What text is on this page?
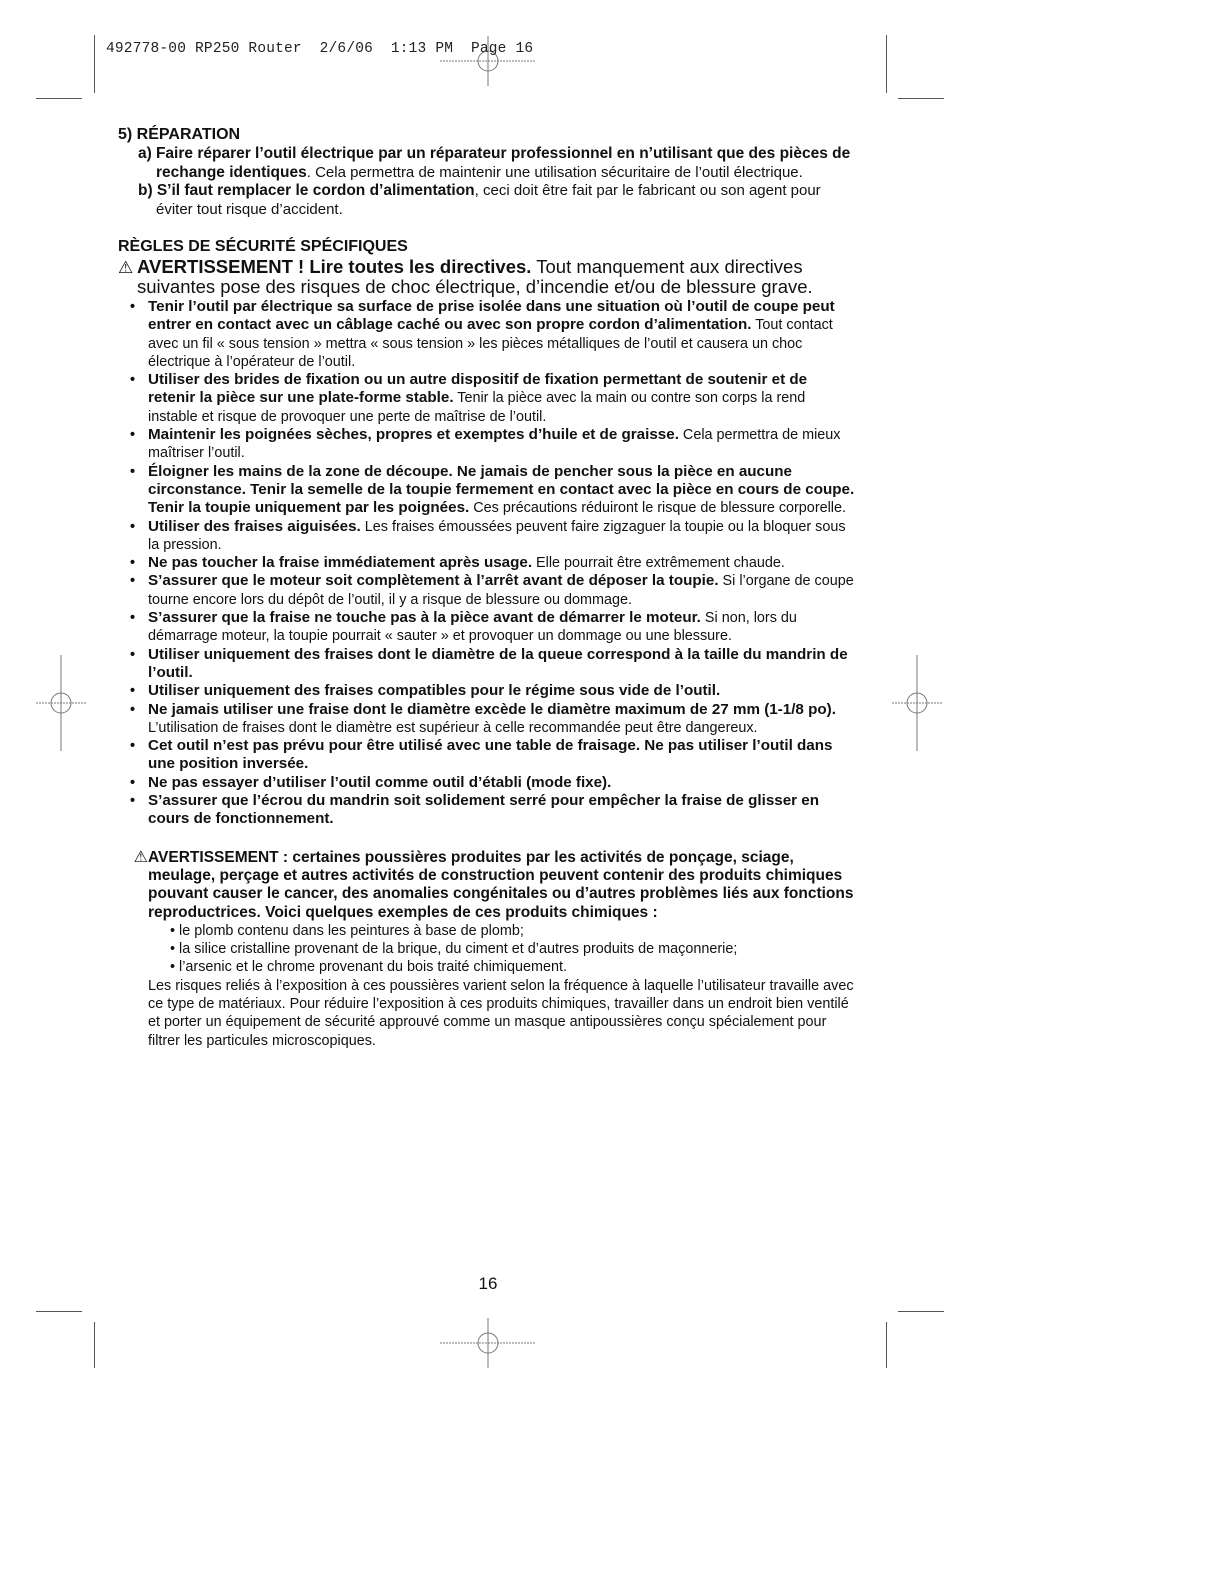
492778-00 RP250 Router  2/6/06  1:13 PM  Page 16

5) RÉPARATION

a) Faire réparer l’outil électrique par un réparateur professionnel en n’utilisant que des pièces de rechange identiques. Cela permettra de maintenir une utilisation sécuritaire de l’outil électrique.

b) S’il faut remplacer le cordon d’alimentation, ceci doit être fait par le fabricant ou son agent pour éviter tout risque d’accident.

RÈGLES DE SÉCURITÉ SPÉCIFIQUES

⚠ AVERTISSEMENT ! Lire toutes les directives. Tout manquement aux directives suivantes pose des risques de choc électrique, d’incendie et/ou de blessure grave.

• Tenir l’outil par électrique sa surface de prise isolée dans une situation où l’outil de coupe peut entrer en contact avec un câblage caché ou avec son propre cordon d’alimentation. Tout contact avec un fil « sous tension » mettra « sous tension » les pièces métalliques de l’outil et causera un choc électrique à l’opérateur de l’outil.
• Utiliser des brides de fixation ou un autre dispositif de fixation permettant de soutenir et de retenir la pièce sur une plate-forme stable. Tenir la pièce avec la main ou contre son corps la rend instable et risque de provoquer une perte de maîtrise de l’outil.
• Maintenir les poignées sèches, propres et exemptes d’huile et de graisse. Cela permettra de mieux maîtriser l’outil.
• Éloigner les mains de la zone de découpe. Ne jamais de pencher sous la pièce en aucune circonstance. Tenir la semelle de la toupie fermement en contact avec la pièce en cours de coupe. Tenir la toupie uniquement par les poignées. Ces précautions réduiront le risque de blessure corporelle.
• Utiliser des fraises aiguisées. Les fraises émoussées peuvent faire zigzaguer la toupie ou la bloquer sous la pression.
• Ne pas toucher la fraise immédiatement après usage. Elle pourrait être extrêmement chaude.
• S’assurer que le moteur soit complètement à l’arrêt avant de déposer la toupie. Si l’organe de coupe tourne encore lors du dépôt de l’outil, il y a risque de blessure ou dommage.
• S’assurer que la fraise ne touche pas à la pièce avant de démarrer le moteur. Si non, lors du démarrage moteur, la toupie pourrait « sauter » et provoquer un dommage ou une blessure.
• Utiliser uniquement des fraises dont le diamètre de la queue correspond à la taille du mandrin de l’outil.
• Utiliser uniquement des fraises compatibles pour le régime sous vide de l’outil.
• Ne jamais utiliser une fraise dont le diamètre excède le diamètre maximum de 27 mm (1-1/8 po). L’utilisation de fraises dont le diamètre est supérieur à celle recommandée peut être dangereux.
• Cet outil n’est pas prévu pour être utilisé avec une table de fraisage. Ne pas utiliser l’outil dans une position inversée.
• Ne pas essayer d’utiliser l’outil comme outil d’établi (mode fixe).
• S’assurer que l’écrou du mandrin soit solidement serré pour empêcher la fraise de glisser en cours de fonctionnement.

⚠AVERTISSEMENT : certaines poussières produites par les activités de ponçage, sciage, meulage, perçage et autres activités de construction peuvent contenir des produits chimiques pouvant causer le cancer, des anomalies congénitales ou d’autres problèmes liés aux fonctions reproductrices. Voici quelques exemples de ces produits chimiques :

• le plomb contenu dans les peintures à base de plomb;
• la silice cristalline provenant de la brique, du ciment et d’autres produits de maçonnerie;
• l’arsenic et le chrome provenant du bois traité chimiquement.

Les risques reliés à l’exposition à ces poussières varient selon la fréquence à laquelle l’utilisateur travaille avec ce type de matériaux. Pour réduire l’exposition à ces produits chimiques, travailler dans un endroit bien ventilé et porter un équipement de sécurité approuvé comme un masque antipoussières conçu spécialement pour filtrer les particules microscopiques.

16
